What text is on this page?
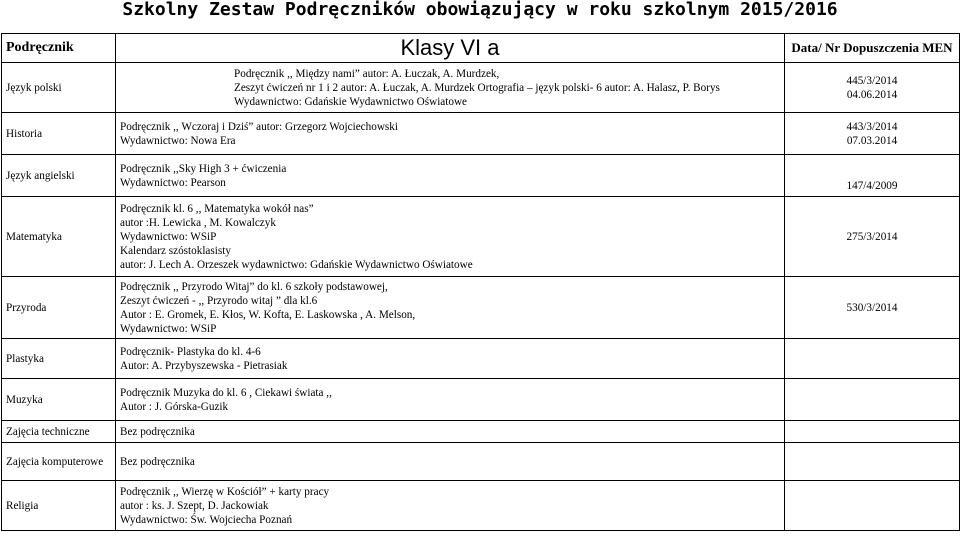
Szkolny Zestaw Podręczników obowiązujący w roku szkolnym 2015/2016
Podręcznik	Klasy VI a	Data/ Nr Dopuszczenia MEN
Język polski	Podręcznik ,, Między nami” autor: A. Łuczak, A. Murdzek,
Zeszyt ćwiczeń nr 1 i 2 autor: A. Łuczak, A. Murdzek Ortografia – język polski- 6 autor: A. Halasz, P. Borys
Wydawnictwo: Gdańskie Wydawnictwo Oświatowe	445/3/2014
04.06.2014

Historia	Podręcznik ,, Wczoraj i Dziś” autor: Grzegorz Wojciechowski
Wydawnictwo: Nowa Era	443/3/2014
07.03.2014

Język angielski	Podręcznik ,,Sky High 3 + ćwiczenia
Wydawnictwo: Pearson	147/4/2009

Matematyka	Podręcznik kl. 6 ,, Matematyka wokół nas”
autor :H. Lewicka , M. Kowalczyk
Wydawnictwo: WSiP
Kalendarz szóstoklasisty
autor: J. Lech A. Orzeszek wydawnictwo: Gdańskie Wydawnictwo Oświatowe	275/3/2014

Przyroda	Podręcznik ,, Przyrodo Witaj” do kl. 6 szkoły podstawowej,
Zeszyt ćwiczeń - ,, Przyrodo witaj ” dla kl.6
Autor : E. Gromek, E. Kłos, W. Kofta, E. Laskowska , A. Melson,
Wydawnictwo: WSiP	530/3/2014

Plastyka	Podręcznik- Plastyka do kl. 4-6
Autor: A. Przybyszewska - Pietrasiak	

Muzyka	Podręcznik Muzyka do kl. 6 , Ciekawi świata ,,
Autor : J. Górska-Guzik	

Zajęcia techniczne	Bez podręcznika	

Zajęcia komputerowe	Bez podręcznika	

Religia	Podręcznik ,, Wierzę w Kościół” + karty pracy
autor : ks. J. Szept, D. Jackowiak
Wydawnictwo: Św. Wojciecha Poznań	
